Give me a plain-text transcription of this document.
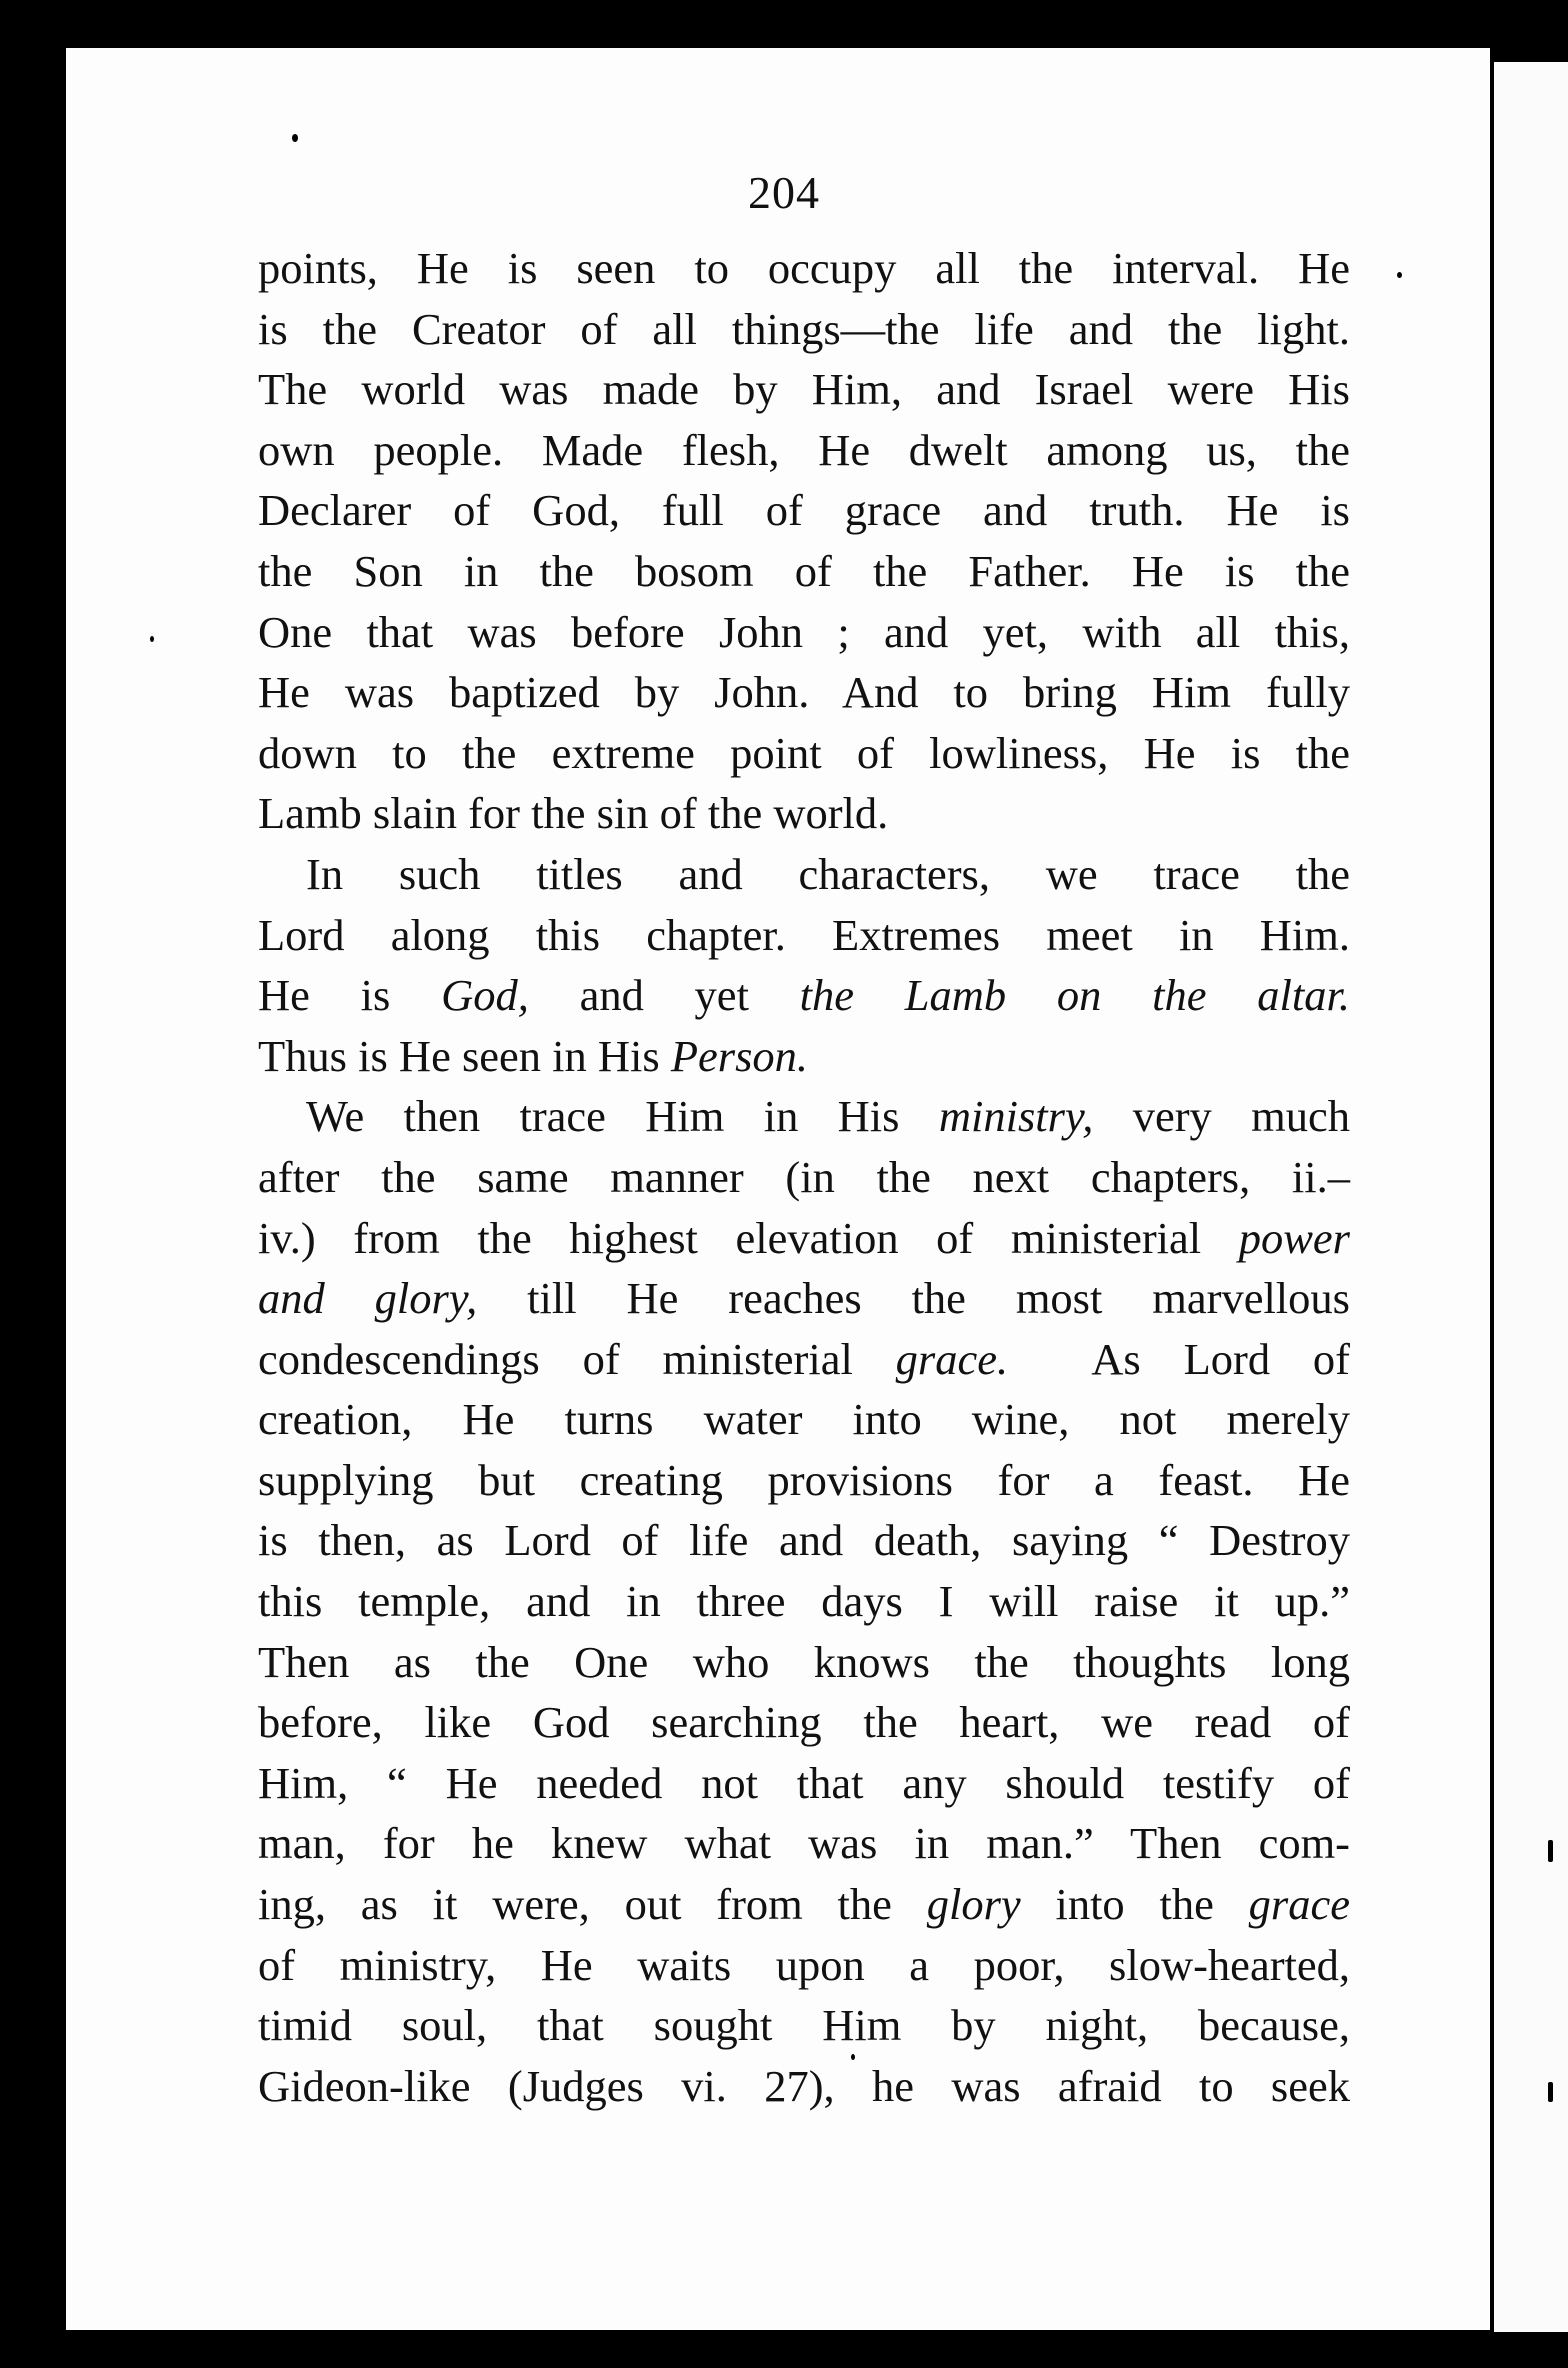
204
points, He is seen to occupy all the interval. He
is the Creator of all things—the life and the light.
The world was made by Him, and Israel were His
own people. Made flesh, He dwelt among us, the
Declarer of God, full of grace and truth. He is
the Son in the bosom of the Father. He is the
One that was before John ; and yet, with all this,
He was baptized by John. And to bring Him fully
down to the extreme point of lowliness, He is the
Lamb slain for the sin of the world.
In such titles and characters, we trace the
Lord along this chapter. Extremes meet in Him.
He is God, and yet the Lamb on the altar.
Thus is He seen in His Person.
We then trace Him in His ministry, very much
after the same manner (in the next chapters, ii.–
iv.) from the highest elevation of ministerial power
and glory, till He reaches the most marvellous
condescendings of ministerial grace.  As Lord of
creation, He turns water into wine, not merely
supplying but creating provisions for a feast. He
is then, as Lord of life and death, saying “ Destroy
this temple, and in three days I will raise it up.”
Then as the One who knows the thoughts long
before, like God searching the heart, we read of
Him, “ He needed not that any should testify of
man, for he knew what was in man.” Then com-
ing, as it were, out from the glory into the grace
of ministry, He waits upon a poor, slow-hearted,
timid soul, that sought Him by night, because,
Gideon-like (Judges vi. 27), he was afraid to seek
